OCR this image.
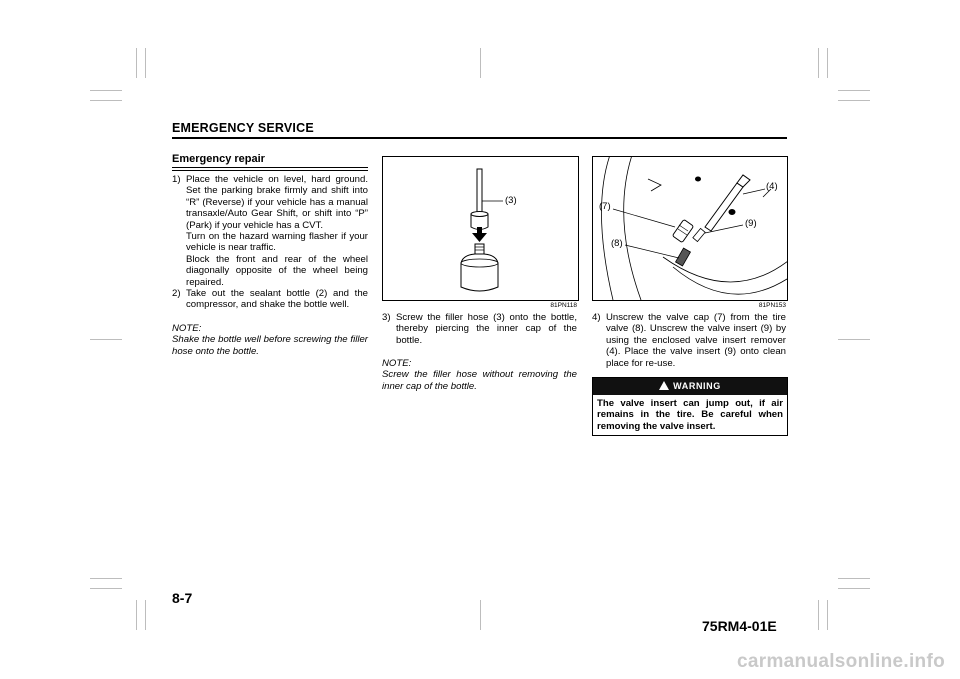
EMERGENCY SERVICE
Emergency repair
1) Place the vehicle on level, hard ground. Set the parking brake firmly and shift into “R” (Reverse) if your vehicle has a manual transaxle/Auto Gear Shift, or shift into “P” (Park) if your vehicle has a CVT.

Turn on the hazard warning flasher if your vehicle is near traffic.

Block the front and rear of the wheel diagonally opposite of the wheel being repaired.

2) Take out the sealant bottle (2) and the compressor, and shake the bottle well.

NOTE:

Shake the bottle well before screwing the filler hose onto the bottle.

(3)
81PN118
3) Screw the filler hose (3) onto the bottle, thereby piercing the inner cap of the bottle.

NOTE:

Screw the filler hose without removing the inner cap of the bottle.

(4)
(7)
(9)
(8)
81PN153
4) Unscrew the valve cap (7) from the tire valve (8). Unscrew the valve insert (9) by using the enclosed valve insert remover (4). Place the valve insert (9) onto clean place for re-use.

WARNING
The valve insert can jump out, if air remains in the tire. Be careful when removing the valve insert.
8-7
75RM4-01E
carmanualsonline.info
